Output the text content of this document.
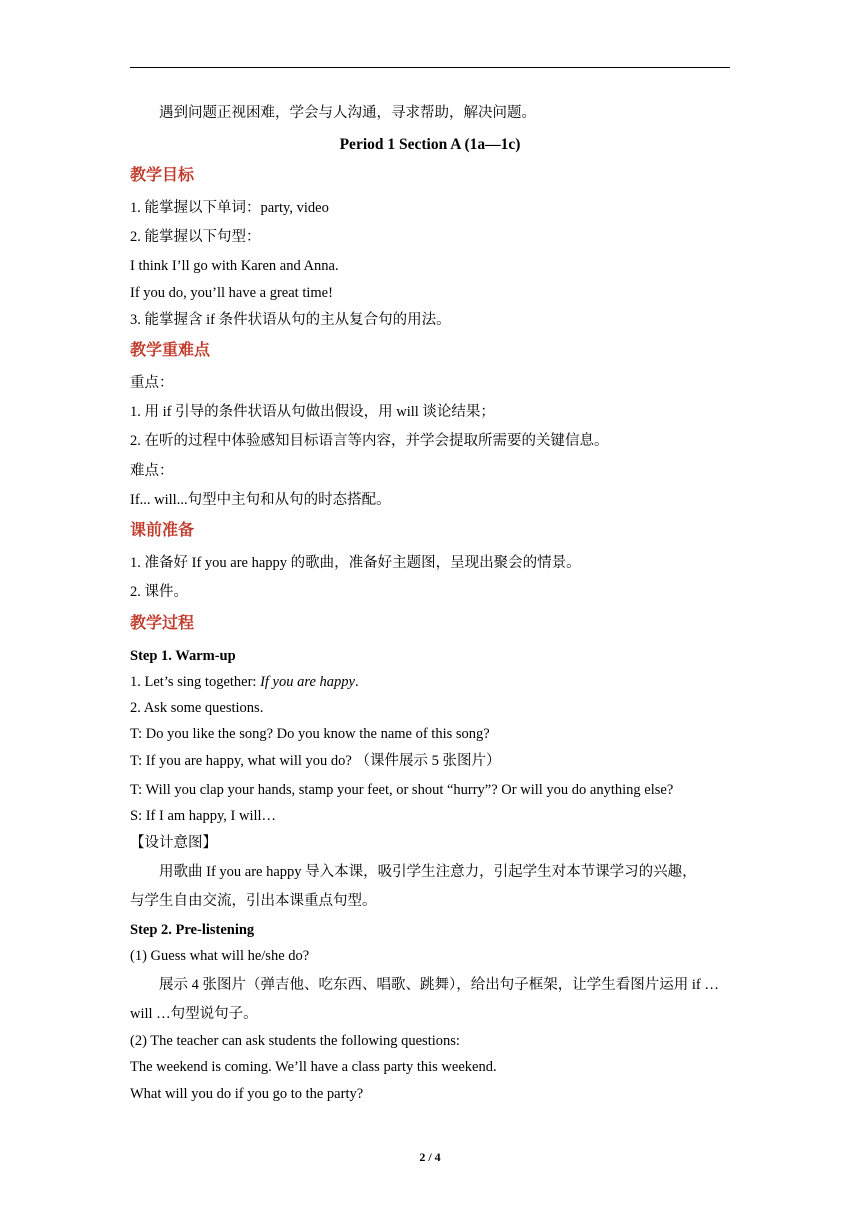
遇到问题正视困难，学会与人沟通，寻求帮助，解决问题。
Period 1 Section A (1a—1c)
教学目标
1. 能掌握以下单词：party, video
2. 能掌握以下句型：
I think I’ll go with Karen and Anna.
If you do, you’ll have a great time!
3. 能掌握含 if 条件状语从句的主从复合句的用法。
教学重难点
重点：
1. 用 if 引导的条件状语从句做出假设，用 will 谈论结果；
2. 在听的过程中体验感知目标语言等内容，并学会提取所需要的关键信息。
难点：
If... will...句型中主句和从句的时态搭配。
课前准备
1. 准备好 If you are happy 的歌曲，准备好主题图，呈现出聚会的情景。
2. 课件。
教学过程
Step 1. Warm-up
1. Let’s sing together: If you are happy.
2. Ask some questions.
T: Do you like the song? Do you know the name of this song?
T: If you are happy, what will you do? （课件展示 5 张图片）
T: Will you clap your hands, stamp your feet, or shout “hurry”? Or will you do anything else?
S: If I am happy, I will…
【设计意图】
用歌曲 If you are happy 导入本课，吸引学生注意力，引起学生对本节课学习的兴趣，
与学生自由交流，引出本课重点句型。
Step 2. Pre-listening
(1) Guess what will he/she do?
展示 4 张图片（弹吉他、吃东西、唱歌、跳舞），给出句子框架，让学生看图片运用 if …
will …句型说句子。
(2) The teacher can ask students the following questions:
The weekend is coming. We’ll have a class party this weekend.
What will you do if you go to the party?
2 / 4
